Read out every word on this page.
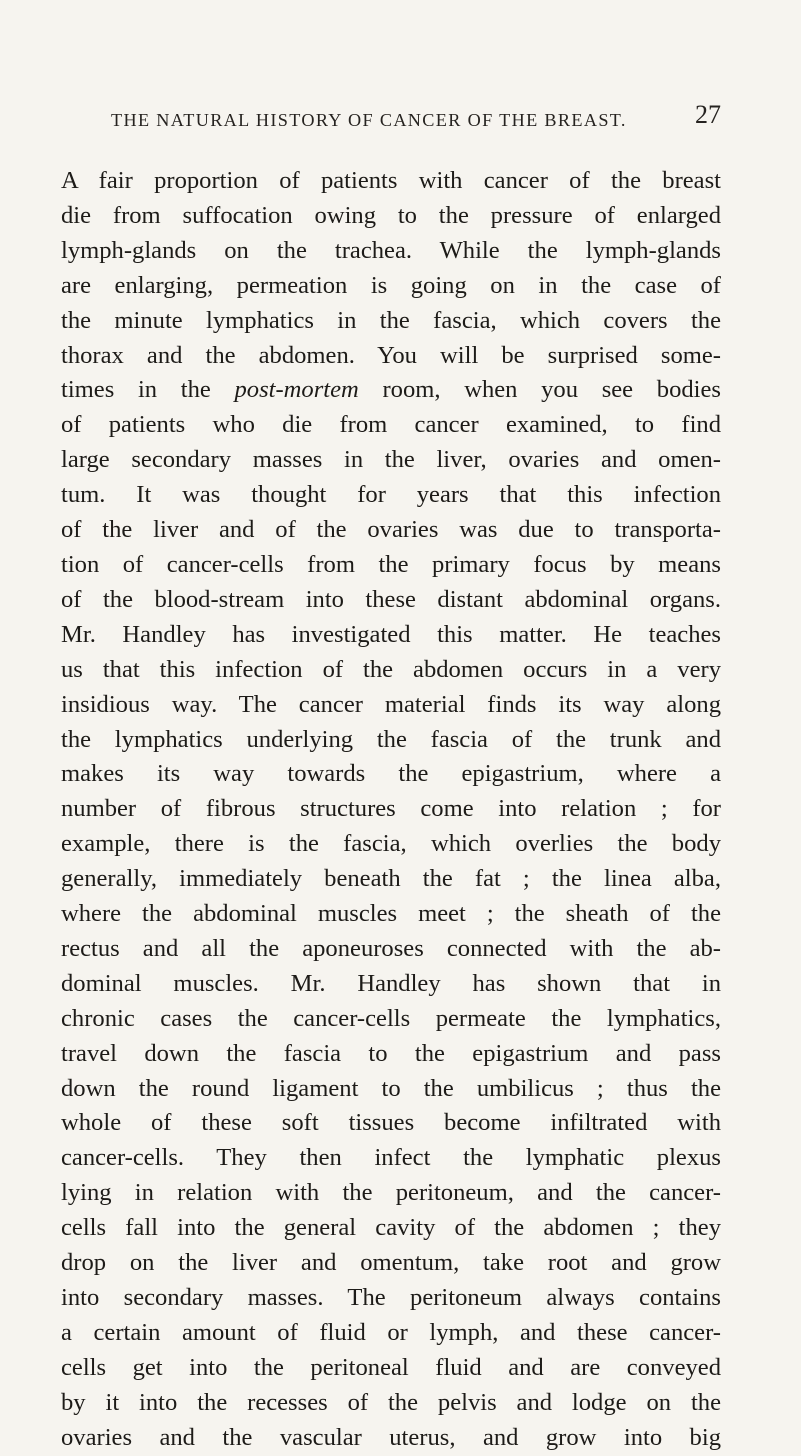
THE NATURAL HISTORY OF CANCER OF THE BREAST.	27

A fair proportion of patients with cancer of the breast
die from suffocation owing to the pressure of enlarged
lymph-glands on the trachea. While the lymph-glands
are enlarging, permeation is going on in the case of
the minute lymphatics in the fascia, which covers the
thorax and the abdomen. You will be surprised some-
times in the post-mortem room, when you see bodies
of patients who die from cancer examined, to find
large secondary masses in the liver, ovaries and omen-
tum. It was thought for years that this infection
of the liver and of the ovaries was due to transporta-
tion of cancer-cells from the primary focus by means
of the blood-stream into these distant abdominal organs.
Mr. Handley has investigated this matter. He teaches
us that this infection of the abdomen occurs in a very
insidious way. The cancer material finds its way along
the lymphatics underlying the fascia of the trunk and
makes its way towards the epigastrium, where a
number of fibrous structures come into relation ; for
example, there is the fascia, which overlies the body
generally, immediately beneath the fat ; the linea alba,
where the abdominal muscles meet ; the sheath of the
rectus and all the aponeuroses connected with the ab-
dominal muscles. Mr. Handley has shown that in
chronic cases the cancer-cells permeate the lymphatics,
travel down the fascia to the epigastrium and pass
down the round ligament to the umbilicus ; thus the
whole of these soft tissues become infiltrated with
cancer-cells. They then infect the lymphatic plexus
lying in relation with the peritoneum, and the cancer-
cells fall into the general cavity of the abdomen ; they
drop on the liver and omentum, take root and grow
into secondary masses. The peritoneum always contains
a certain amount of fluid or lymph, and these cancer-
cells get into the peritoneal fluid and are conveyed
by it into the recesses of the pelvis and lodge on the
ovaries and the vascular uterus, and grow into big
